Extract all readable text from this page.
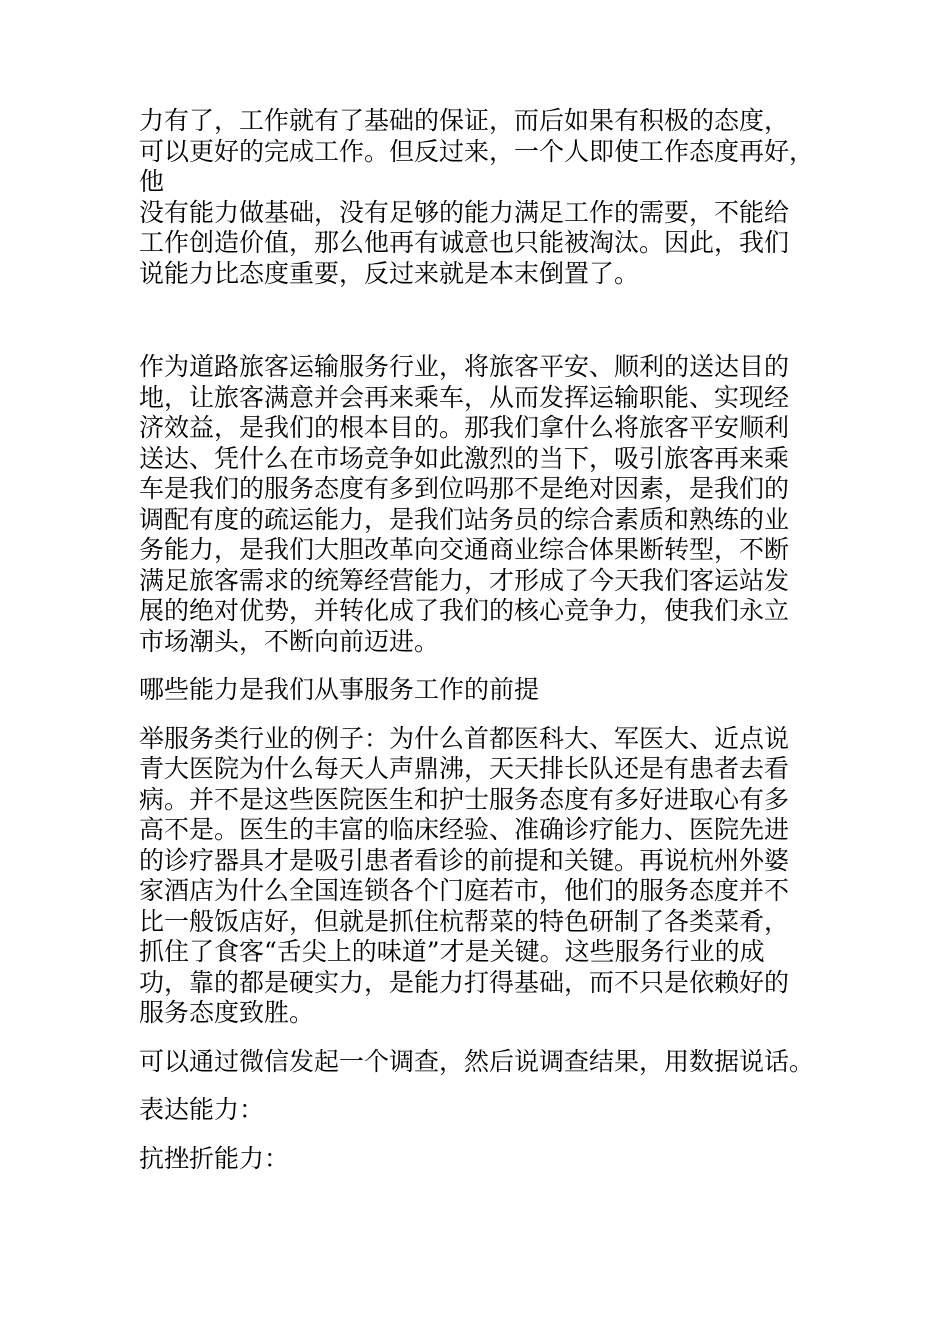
力有了，工作就有了基础的保证，而后如果有积极的态度，
可以更好的完成工作。但反过来，一个人即使工作态度再好，他
没有能力做基础，没有足够的能力满足工作的需要，不能给
工作创造价值，那么他再有诚意也只能被淘汰。因此，我们
说能力比态度重要，反过来就是本末倒置了。

作为道路旅客运输服务行业，将旅客平安、顺利的送达目的
地，让旅客满意并会再来乘车，从而发挥运输职能、实现经
济效益，是我们的根本目的。那我们拿什么将旅客平安顺利
送达、凭什么在市场竞争如此激烈的当下，吸引旅客再来乘
车是我们的服务态度有多到位吗那不是绝对因素，是我们的
调配有度的疏运能力，是我们站务员的综合素质和熟练的业
务能力，是我们大胆改革向交通商业综合体果断转型，不断
满足旅客需求的统筹经营能力，才形成了今天我们客运站发
展的绝对优势，并转化成了我们的核心竞争力，使我们永立
市场潮头，不断向前迈进。

哪些能力是我们从事服务工作的前提

举服务类行业的例子：为什么首都医科大、军医大、近点说
青大医院为什么每天人声鼎沸，天天排长队还是有患者去看
病。并不是这些医院医生和护士服务态度有多好进取心有多
高不是。医生的丰富的临床经验、准确诊疗能力、医院先进
的诊疗器具才是吸引患者看诊的前提和关键。再说杭州外婆
家酒店为什么全国连锁各个门庭若市，他们的服务态度并不
比一般饭店好，但就是抓住杭帮菜的特色研制了各类菜肴，
抓住了食客“舌尖上的味道”才是关键。这些服务行业的成
功，靠的都是硬实力，是能力打得基础，而不只是依赖好的
服务态度致胜。

可以通过微信发起一个调查，然后说调查结果，用数据说话。

表达能力：

抗挫折能力：
